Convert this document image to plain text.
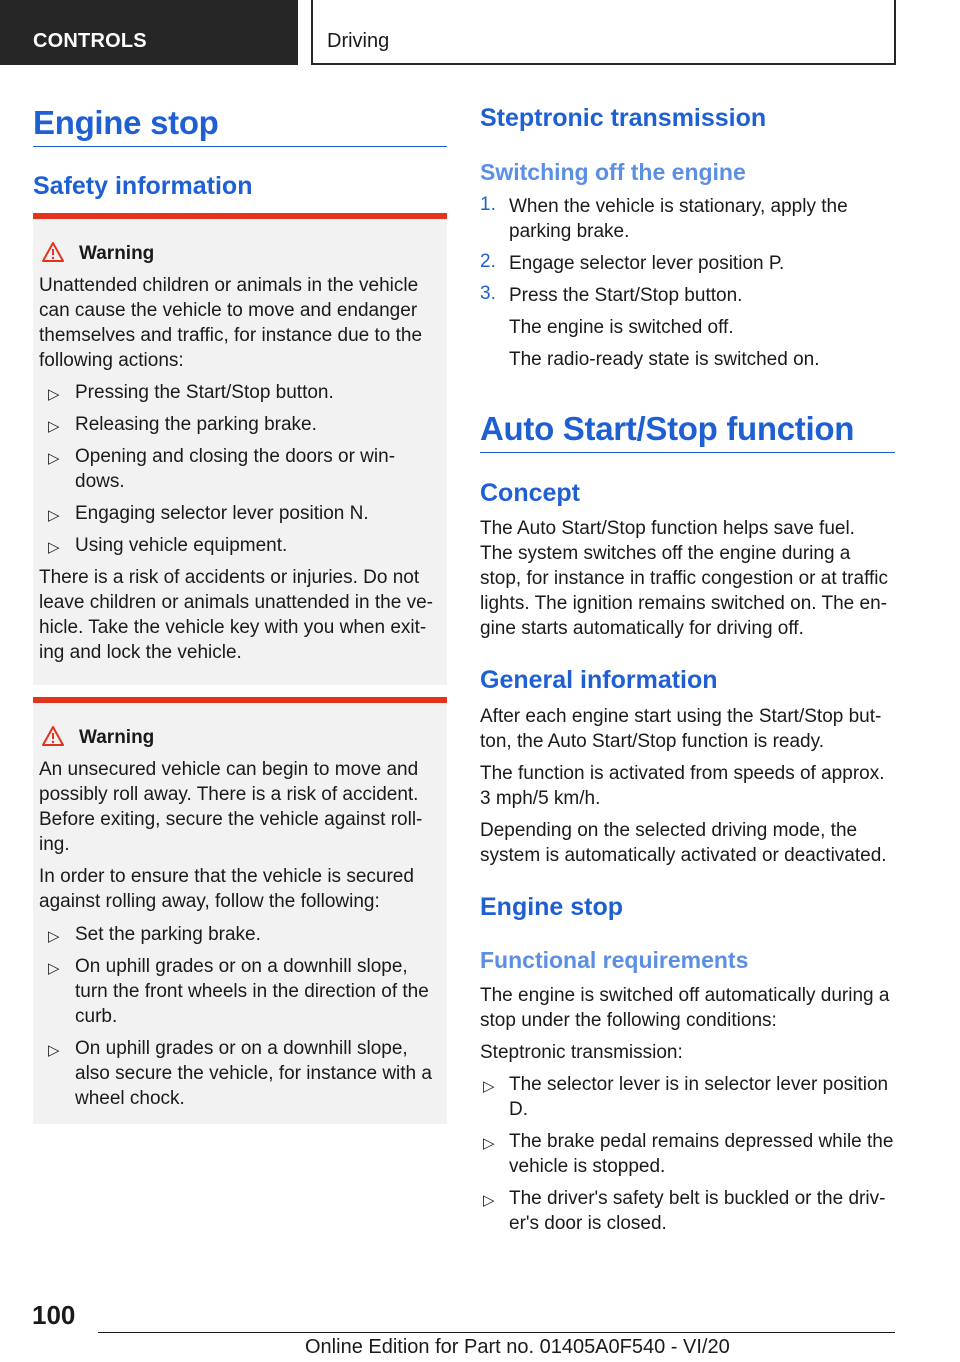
CONTROLS	Driving
Engine stop
Safety information
Warning
Unattended children or animals in the vehicle
can cause the vehicle to move and endanger
themselves and traffic, for instance due to the
following actions:
▷ Pressing the Start/Stop button.
▷ Releasing the parking brake.
▷ Opening and closing the doors or win-
dows.
▷ Engaging selector lever position N.
▷ Using vehicle equipment.
There is a risk of accidents or injuries. Do not
leave children or animals unattended in the ve-
hicle. Take the vehicle key with you when exit-
ing and lock the vehicle.
Warning
An unsecured vehicle can begin to move and
possibly roll away. There is a risk of accident.
Before exiting, secure the vehicle against roll-
ing.
In order to ensure that the vehicle is secured
against rolling away, follow the following:
▷ Set the parking brake.
▷ On uphill grades or on a downhill slope,
turn the front wheels in the direction of the
curb.
▷ On uphill grades or on a downhill slope,
also secure the vehicle, for instance with a
wheel chock.
Steptronic transmission
Switching off the engine
1. When the vehicle is stationary, apply the
parking brake.
2. Engage selector lever position P.
3. Press the Start/Stop button.
The engine is switched off.
The radio-ready state is switched on.
Auto Start/Stop function
Concept
The Auto Start/Stop function helps save fuel.
The system switches off the engine during a
stop, for instance in traffic congestion or at traffic
lights. The ignition remains switched on. The en-
gine starts automatically for driving off.
General information
After each engine start using the Start/Stop but-
ton, the Auto Start/Stop function is ready.
The function is activated from speeds of approx.
3 mph/5 km/h.
Depending on the selected driving mode, the
system is automatically activated or deactivated.
Engine stop
Functional requirements
The engine is switched off automatically during a
stop under the following conditions:
Steptronic transmission:
▷ The selector lever is in selector lever position
D.
▷ The brake pedal remains depressed while the
vehicle is stopped.
▷ The driver's safety belt is buckled or the driv-
er's door is closed.
100
Online Edition for Part no. 01405A0F540 - VI/20
